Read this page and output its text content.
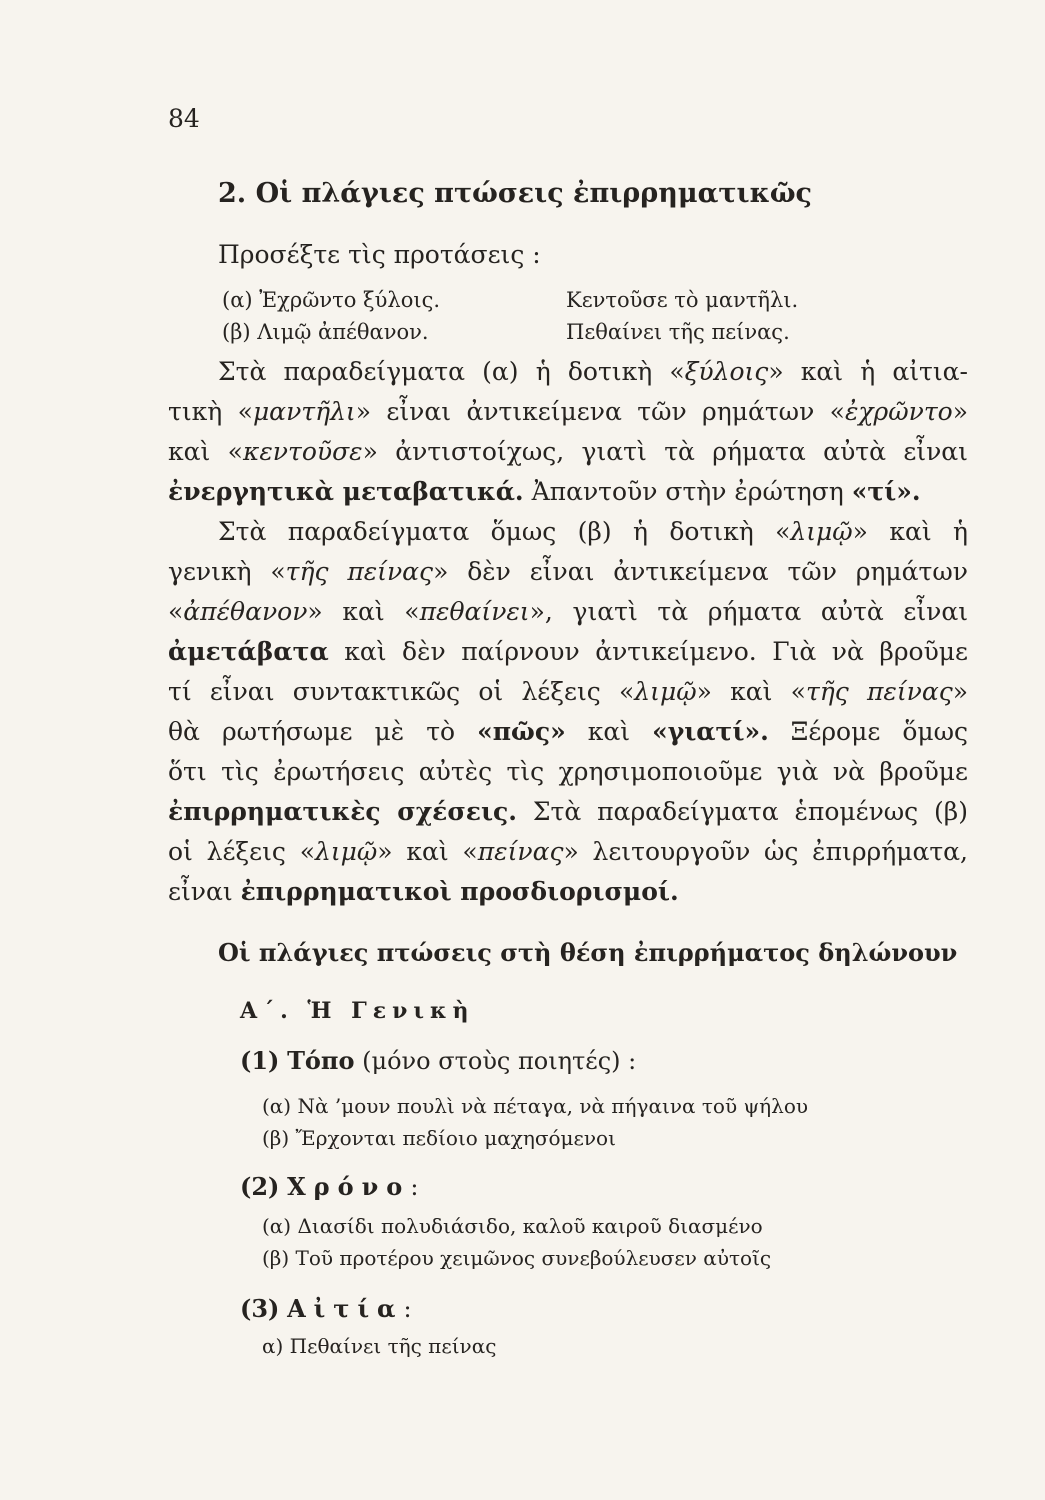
84
2. Οἱ πλάγιες πτώσεις ἐπιρρηματικῶς
Προσέξτε τὶς προτάσεις :
(α) Ἐχρῶντο ξύλοις.	Κεντοῦσε τὸ μαντῆλι.
(β) Λιμῷ ἀπέθανον.	Πεθαίνει τῆς πείνας.
Στὰ παραδείγματα (α) ἡ δοτικὴ «ξύλοις» καὶ ἡ αἰτια-
τικὴ «μαντῆλι» εἶναι ἀντικείμενα τῶν ρημάτων «ἐχρῶντο»
καὶ «κεντοῦσε» ἀντιστοίχως, γιατὶ τὰ ρήματα αὐτὰ εἶναι
ἐνεργητικὰ μεταβατικά. Ἀπαντοῦν στὴν ἐρώτηση «τί».
Στὰ παραδείγματα ὅμως (β) ἡ δοτικὴ «λιμῷ» καὶ ἡ
γενικὴ «τῆς πείνας» δὲν εἶναι ἀντικείμενα τῶν ρημάτων
«ἀπέθανον» καὶ «πεθαίνει», γιατὶ τὰ ρήματα αὐτὰ εἶναι
ἀμετάβατα καὶ δὲν παίρνουν ἀντικείμενο. Γιὰ νὰ βροῦμε
τί εἶναι συντακτικῶς οἱ λέξεις «λιμῷ» καὶ «τῆς πείνας»
θὰ ρωτήσωμε μὲ τὸ «πῶς» καὶ «γιατί». Ξέρομε ὅμως
ὅτι τὶς ἐρωτήσεις αὐτὲς τὶς χρησιμοποιοῦμε γιὰ νὰ βροῦμε
ἐπιρρηματικὲς σχέσεις. Στὰ παραδείγματα ἑπομένως (β)
οἱ λέξεις «λιμῷ» καὶ «πείνας» λειτουργοῦν ὡς ἐπιρρήματα,
εἶναι ἐπιρρηματικοὶ προσδιορισμοί.
Οἱ πλάγιες πτώσεις στὴ θέση ἐπιρρήματος δηλώνουν
Α΄. Ἡ Γενικὴ
(1) Τόπο (μόνο στοὺς ποιητές) :
(α) Νὰ ’μουν πουλὶ νὰ πέταγα, νὰ πήγαινα τοῦ ψήλου
(β) Ἔρχονται πεδίοιο μαχησόμενοι
(2) Χρόνο:
(α) Διασίδι πολυδιάσιδο, καλοῦ καιροῦ διασμένο
(β) Τοῦ προτέρου χειμῶνος συνεβούλευσεν αὐτοῖς
(3) Αἰτία:
α) Πεθαίνει τῆς πείνας
